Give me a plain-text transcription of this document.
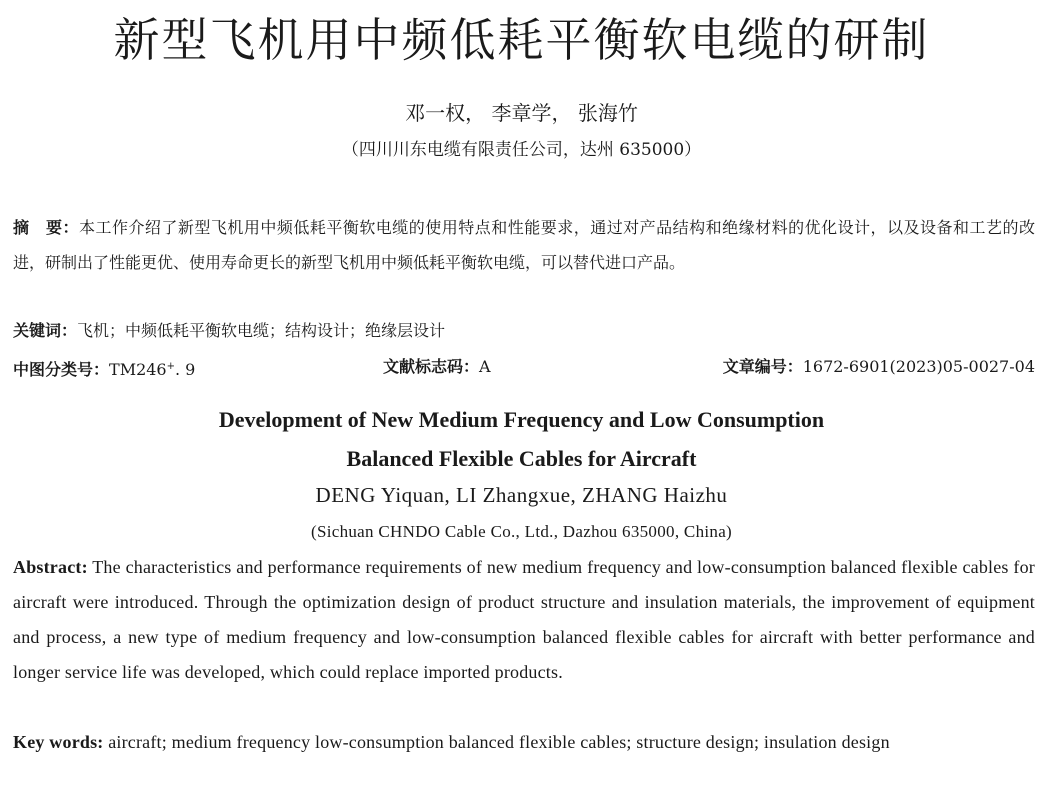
新型飞机用中频低耗平衡软电缆的研制
邓一权， 李章学， 张海竹
（四川川东电缆有限责任公司，达州 635000）
摘　要：本工作介绍了新型飞机用中频低耗平衡软电缆的使用特点和性能要求，通过对产品结构和绝缘材料的优化设计，以及设备和工艺的改进，研制出了性能更优、使用寿命更长的新型飞机用中频低耗平衡软电缆，可以替代进口产品。
关键词：飞机；中频低耗平衡软电缆；结构设计；绝缘层设计
中图分类号：TM246+. 9	文献标志码：A	文章编号：1672-6901(2023)05-0027-04
Development of New Medium Frequency and Low Consumption
Balanced Flexible Cables for Aircraft
DENG Yiquan, LI Zhangxue, ZHANG Haizhu
(Sichuan CHNDO Cable Co., Ltd., Dazhou 635000, China)
Abstract: The characteristics and performance requirements of new medium frequency and low-consumption balanced flexible cables for aircraft were introduced. Through the optimization design of product structure and insulation materials, the improvement of equipment and process, a new type of medium frequency and low-consumption balanced flexible cables for aircraft with better performance and longer service life was developed, which could replace imported products.
Key words: aircraft; medium frequency low-consumption balanced flexible cables; structure design; insulation design
